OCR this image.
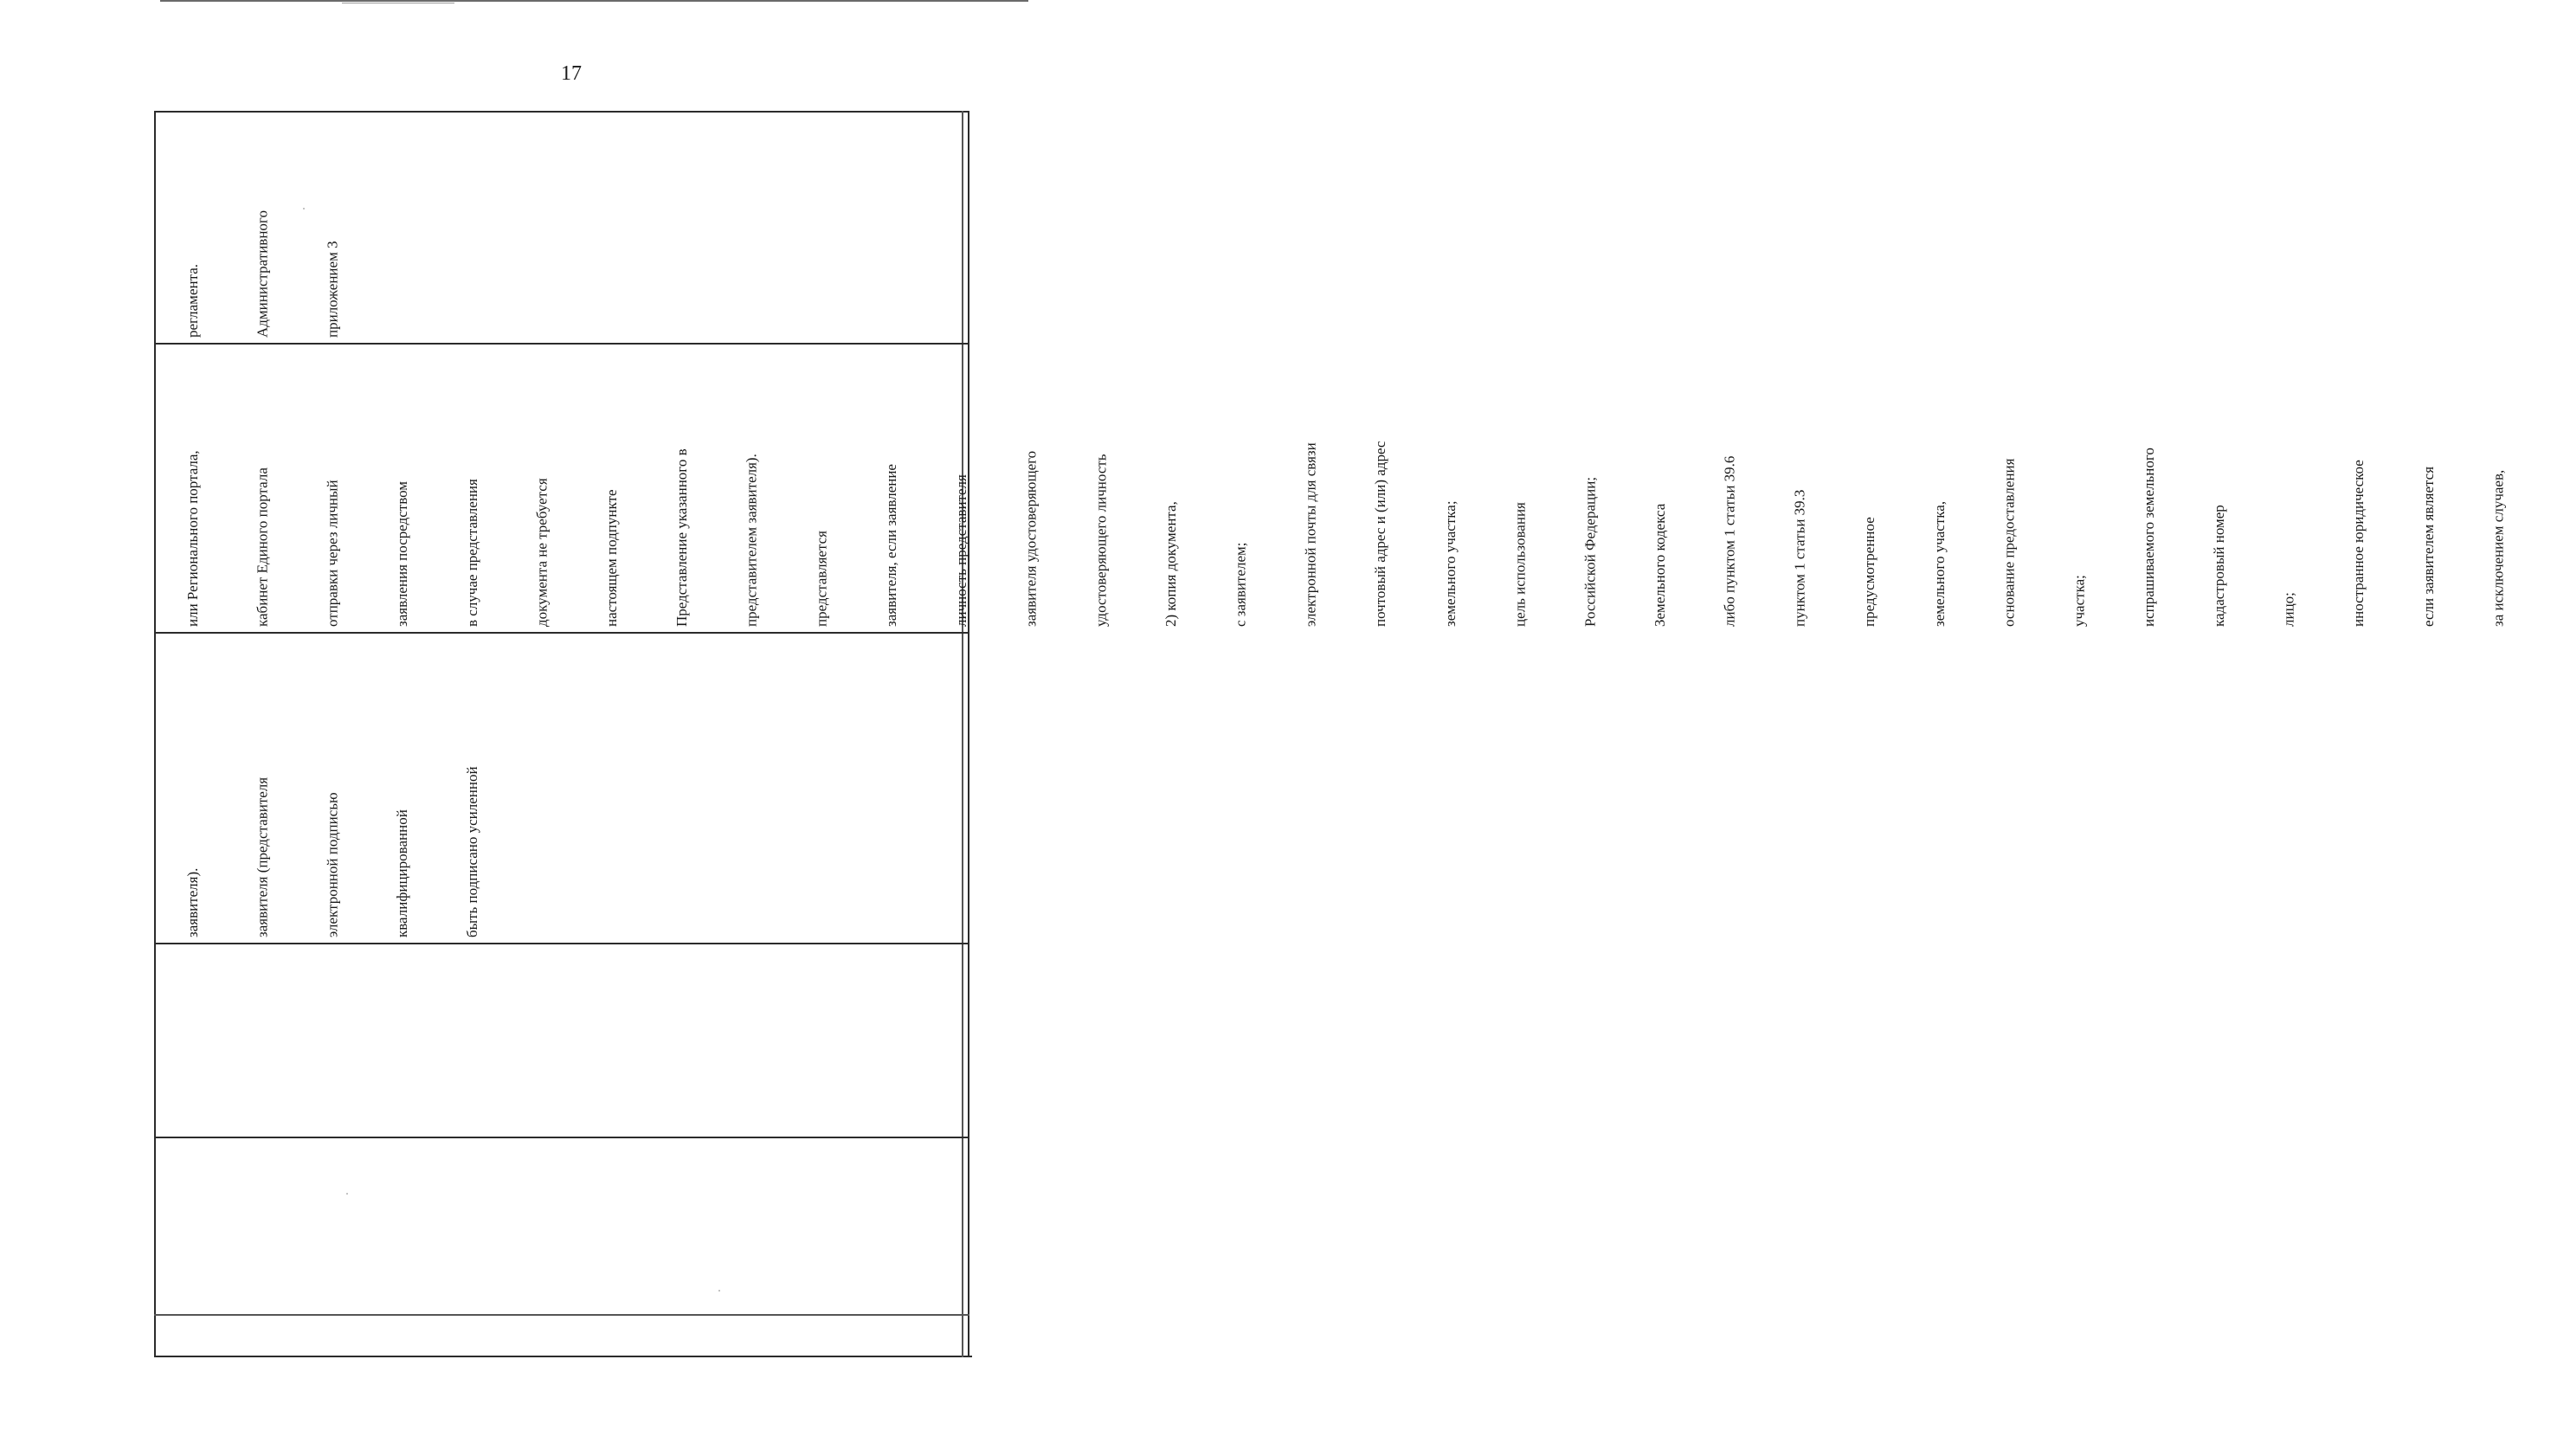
17

приложением 3

Административного

регламента.

за исключением случаев,

если заявителем является

иностранное юридическое

лицо;

кадастровый номер

испрашиваемого земельного

участка;

основание предоставления

земельного участка,

предусмотренное

пунктом 1 статьи 39.3

либо пунктом 1 статьи 39.6

Земельного кодекса

Российской Федерации;

цель использования

земельного участка;

почтовый адрес и (или) адрес

электронной почты для связи

с заявителем;

2) копия документа,

удостоверяющего личность

заявителя удостоверяющего

личность представителя

заявителя, если заявление

представляется

представителем заявителя).

Представление указанного в

настоящем подпункте

документа не требуется

в случае представления

заявления посредством

отправки через личный

кабинет Единого портала

или Регионального портала,

быть подписано усиленной

квалифицированной

электронной подписью

заявителя (представителя

заявителя).
